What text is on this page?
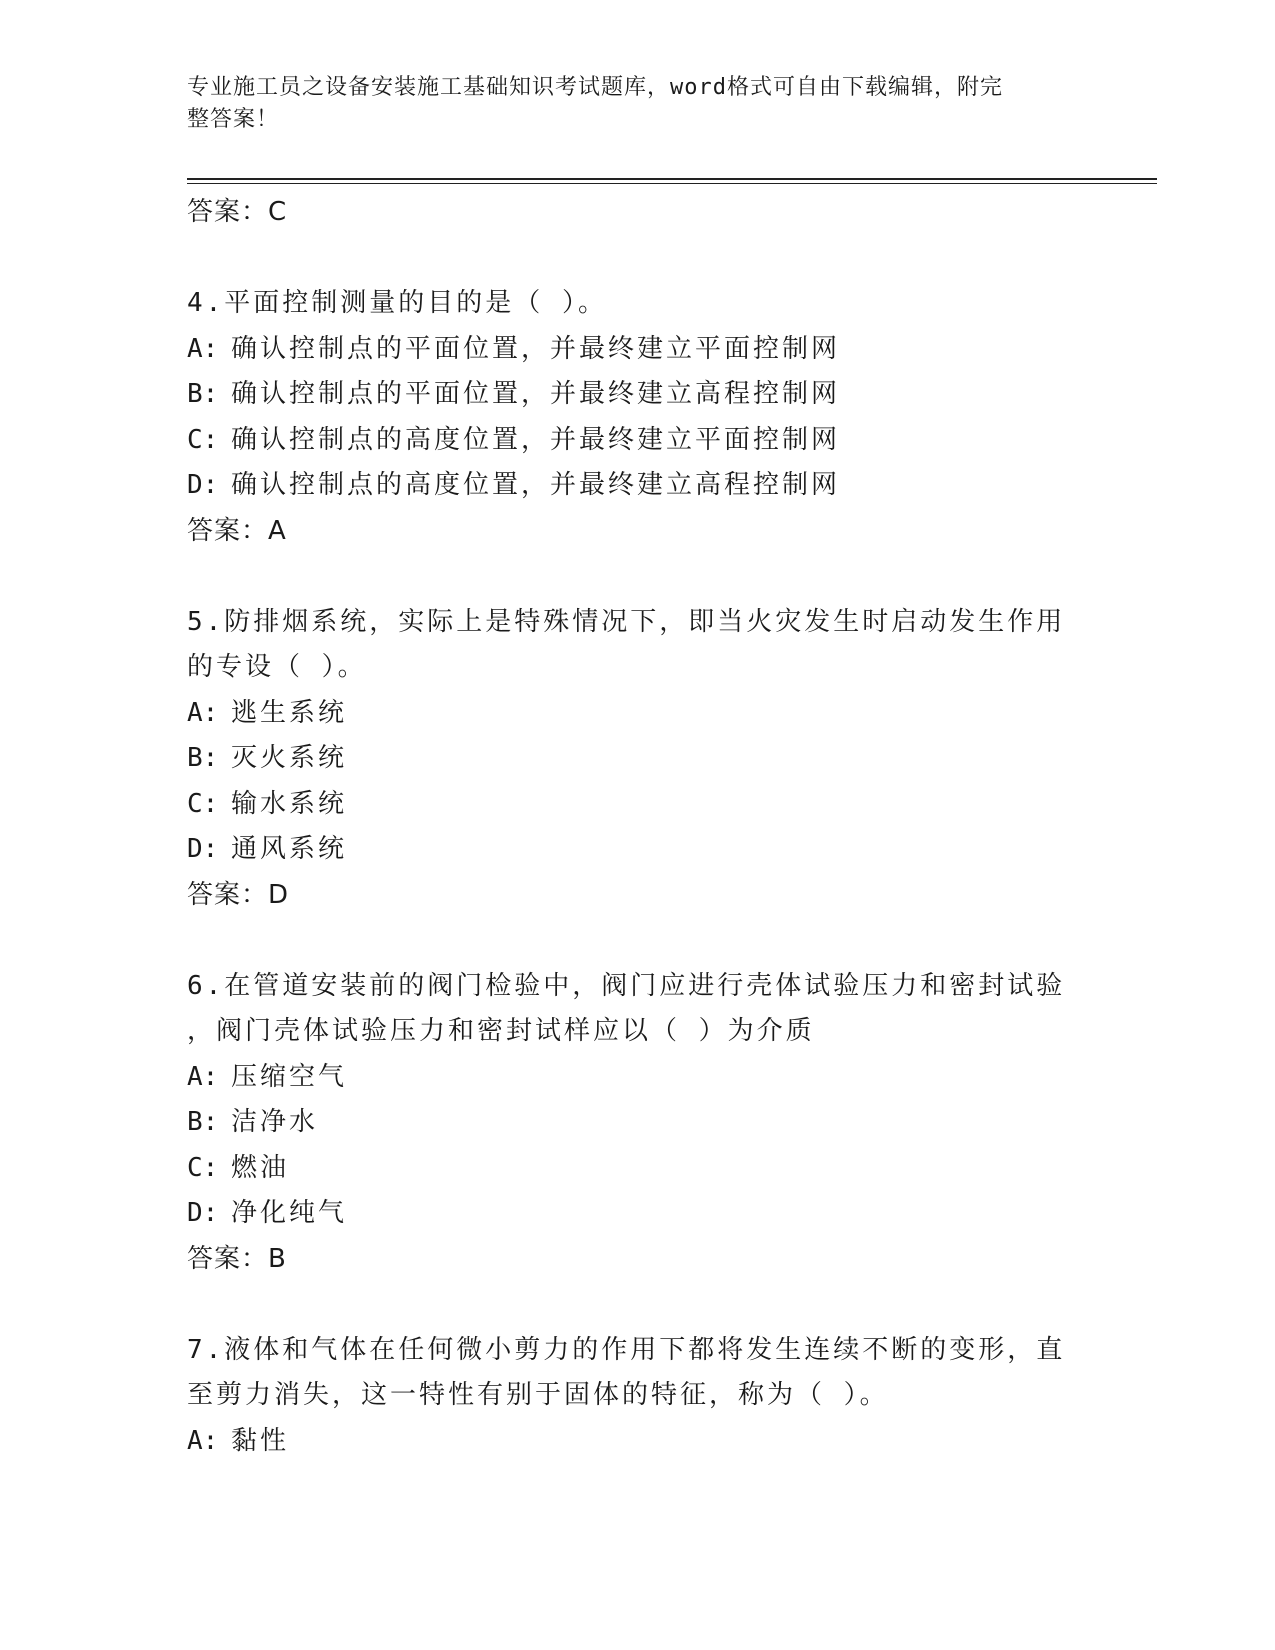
专业施工员之设备安装施工基础知识考试题库，word格式可自由下载编辑，附完
整答案！
答案：C
4.平面控制测量的目的是（ ）。
A: 确认控制点的平面位置，并最终建立平面控制网
B: 确认控制点的平面位置，并最终建立高程控制网
C: 确认控制点的高度位置，并最终建立平面控制网
D: 确认控制点的高度位置，并最终建立高程控制网
答案：A
5.防排烟系统，实际上是特殊情况下，即当火灾发生时启动发生作用
的专设（ ）。
A: 逃生系统
B: 灭火系统
C: 输水系统
D: 通风系统
答案：D
6.在管道安装前的阀门检验中，阀门应进行壳体试验压力和密封试验
，阀门壳体试验压力和密封试样应以（ ）为介质
A: 压缩空气
B: 洁净水
C: 燃油
D: 净化纯气
答案：B
7.液体和气体在任何微小剪力的作用下都将发生连续不断的变形，直
至剪力消失，这一特性有别于固体的特征，称为（ ）。
A: 黏性
